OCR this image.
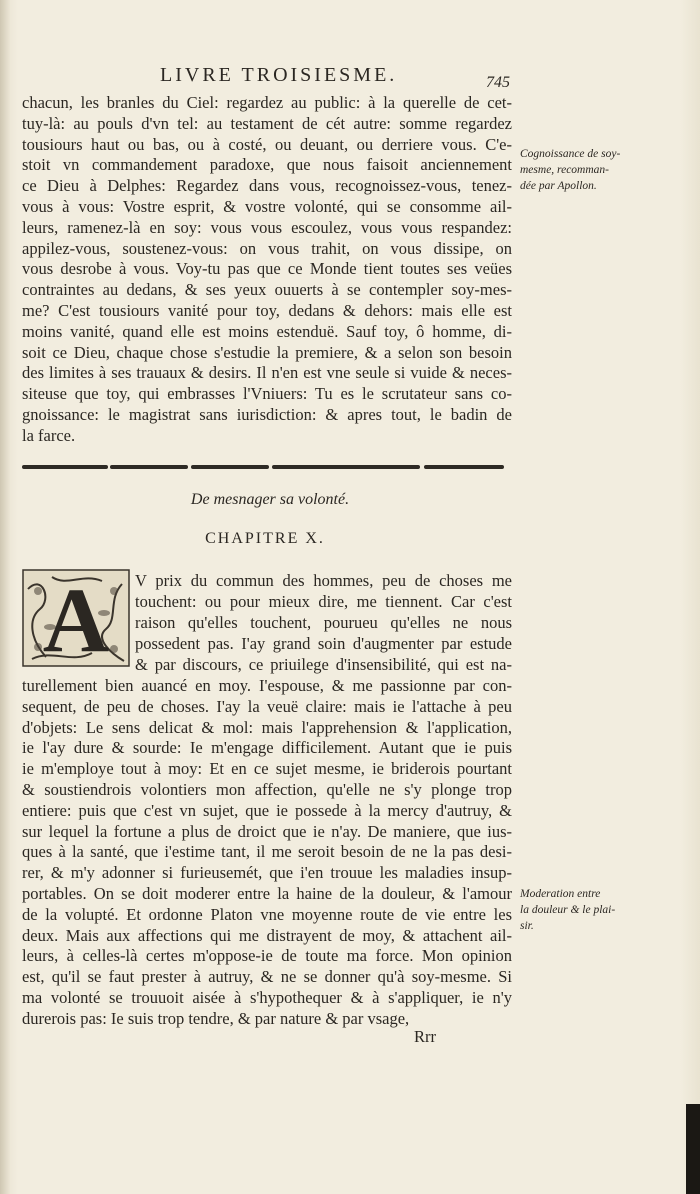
LIVRE TROISIESME.	745
chacun, les branles du Ciel: regardez au public: à la querelle de cet-
tuy-là: au pouls d'vn tel: au testament de cét autre: somme regardez
tousiours haut ou bas, ou à costé, ou deuant, ou derriere vous. C'e-
stoit vn commandement paradoxe, que nous faisoit anciennement
ce Dieu à Delphes: Regardez dans vous, recognoissez-vous, tenez-
vous à vous: Vostre esprit, & vostre volonté, qui se consomme ail-
leurs, ramenez-là en soy: vous vous escoulez, vous vous respandez:
appilez-vous, soustenez-vous: on vous trahit, on vous dissipe, on
vous desrobe à vous. Voy-tu pas que ce Monde tient toutes ses veües
contraintes au dedans, & ses yeux ouuerts à se contempler soy-mes-
me? C'est tousiours vanité pour toy, dedans & dehors: mais elle est
moins vanité, quand elle est moins estenduë. Sauf toy, ô homme, di-
soit ce Dieu, chaque chose s'estudie la premiere, & a selon son besoin
des limites à ses trauaux & desirs. Il n'en est vne seule si vuide & neces-
siteuse que toy, qui embrasses l'Vniuers: Tu es le scrutateur sans co-
gnoissance: le magistrat sans iurisdiction: & apres tout, le badin de
la farce.
Cognoissance de soy-
mesme, recomman-
dée par Apollon.
De mesnager sa volonté.
CHAPITRE X.
A V prix du commun des hommes, peu de choses me
touchent: ou pour mieux dire, me tiennent. Car c'est
raison qu'elles touchent, pourueu qu'elles ne nous
possedent pas. I'ay grand soin d'augmenter par estude
& par discours, ce priuilege d'insensibilité, qui est na-
turellement bien auancé en moy. I'espouse, & me passionne par con-
sequent, de peu de choses. I'ay la veuë claire: mais ie l'attache à peu
d'objets: Le sens delicat & mol: mais l'apprehension & l'application,
ie l'ay dure & sourde: Ie m'engage difficilement. Autant que ie puis
ie m'employe tout à moy: Et en ce sujet mesme, ie briderois pourtant
& soustiendrois volontiers mon affection, qu'elle ne s'y plonge trop
entiere: puis que c'est vn sujet, que ie possede à la mercy d'autruy, &
sur lequel la fortune a plus de droict que ie n'ay. De maniere, que ius-
ques à la santé, que i'estime tant, il me seroit besoin de ne la pas desi-
rer, & m'y adonner si furieusemét, que i'en trouue les maladies insup-
portables. On se doit moderer entre la haine de la douleur, & l'amour
de la volupté. Et ordonne Platon vne moyenne route de vie entre les
deux. Mais aux affections qui me distrayent de moy, & attachent ail-
leurs, à celles-là certes m'oppose-ie de toute ma force. Mon opinion
est, qu'il se faut prester à autruy, & ne se donner qu'à soy-mesme. Si
ma volonté se trouuoit aisée à s'hypothequer & à s'appliquer, ie n'y
durerois pas: Ie suis trop tendre, & par nature & par vsage,
Moderation entre
la douleur & le plai-
sir.
Rrr
